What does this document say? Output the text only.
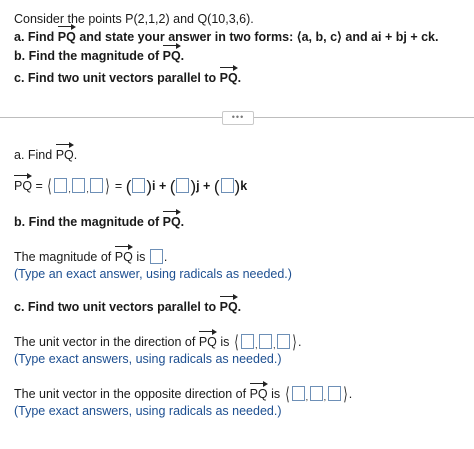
Consider the points P(2,1,2) and Q(10,3,6).
a. Find PQ and state your answer in two forms: ⟨a, b, c⟩ and ai + bj + ck.
b. Find the magnitude of PQ.
c. Find two unit vectors parallel to PQ.
•••
a. Find PQ.
PQ = ⟨ , , ⟩ = ( )i + ( )j + ( )k
b. Find the magnitude of PQ.
The magnitude of PQ is .
(Type an exact answer, using radicals as needed.)
c. Find two unit vectors parallel to PQ.
The unit vector in the direction of PQ is ⟨ , , ⟩.
(Type exact answers, using radicals as needed.)
The unit vector in the opposite direction of PQ is ⟨ , , ⟩.
(Type exact answers, using radicals as needed.)
